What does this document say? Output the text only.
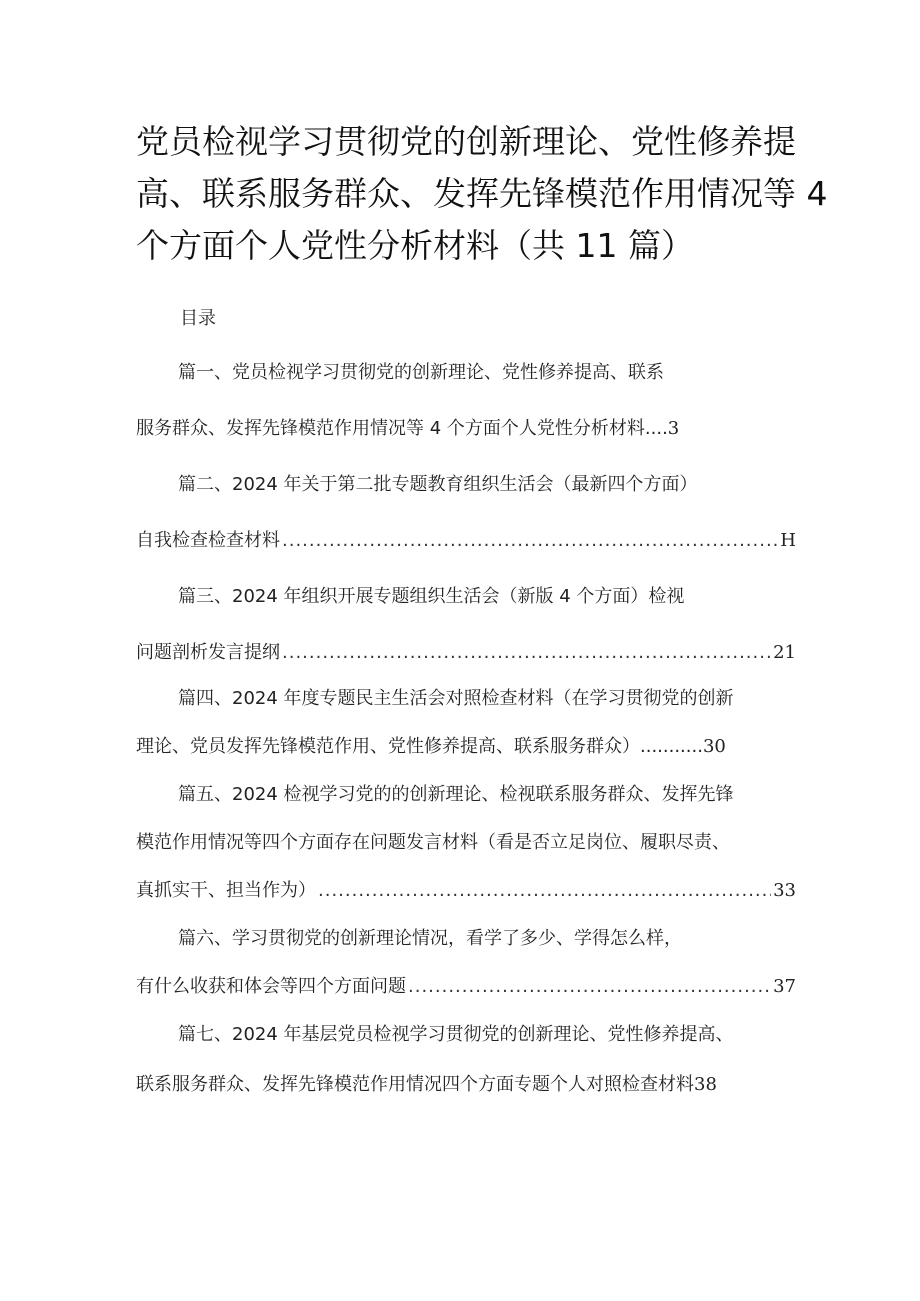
党员检视学习贯彻党的创新理论、党性修养提
高、联系服务群众、发挥先锋模范作用情况等 4
个方面个人党性分析材料（共 11 篇）
目录
篇一、党员检视学习贯彻党的创新理论、党性修养提高、联系
服务群众、发挥先锋模范作用情况等 4 个方面个人党性分析材料....3
篇二、2024 年关于第二批专题教育组织生活会（最新四个方面）
自我检查检查材料 .....	H
篇三、2024 年组织开展专题组织生活会（新版 4 个方面）检视
问题剖析发言提纲 .....	21
篇四、2024 年度专题民主生活会对照检查材料（在学习贯彻党的创新
理论、党员发挥先锋模范作用、党性修养提高、联系服务群众）...........30
篇五、2024 检视学习党的的创新理论、检视联系服务群众、发挥先锋
模范作用情况等四个方面存在问题发言材料（看是否立足岗位、履职尽责、
真抓实干、担当作为） .....	33
篇六、学习贯彻党的创新理论情况，看学了多少、学得怎么样，
有什么收获和体会等四个方面问题 .....	37
篇七、2024 年基层党员检视学习贯彻党的创新理论、党性修养提高、
联系服务群众、发挥先锋模范作用情况四个方面专题个人对照检查材料38
